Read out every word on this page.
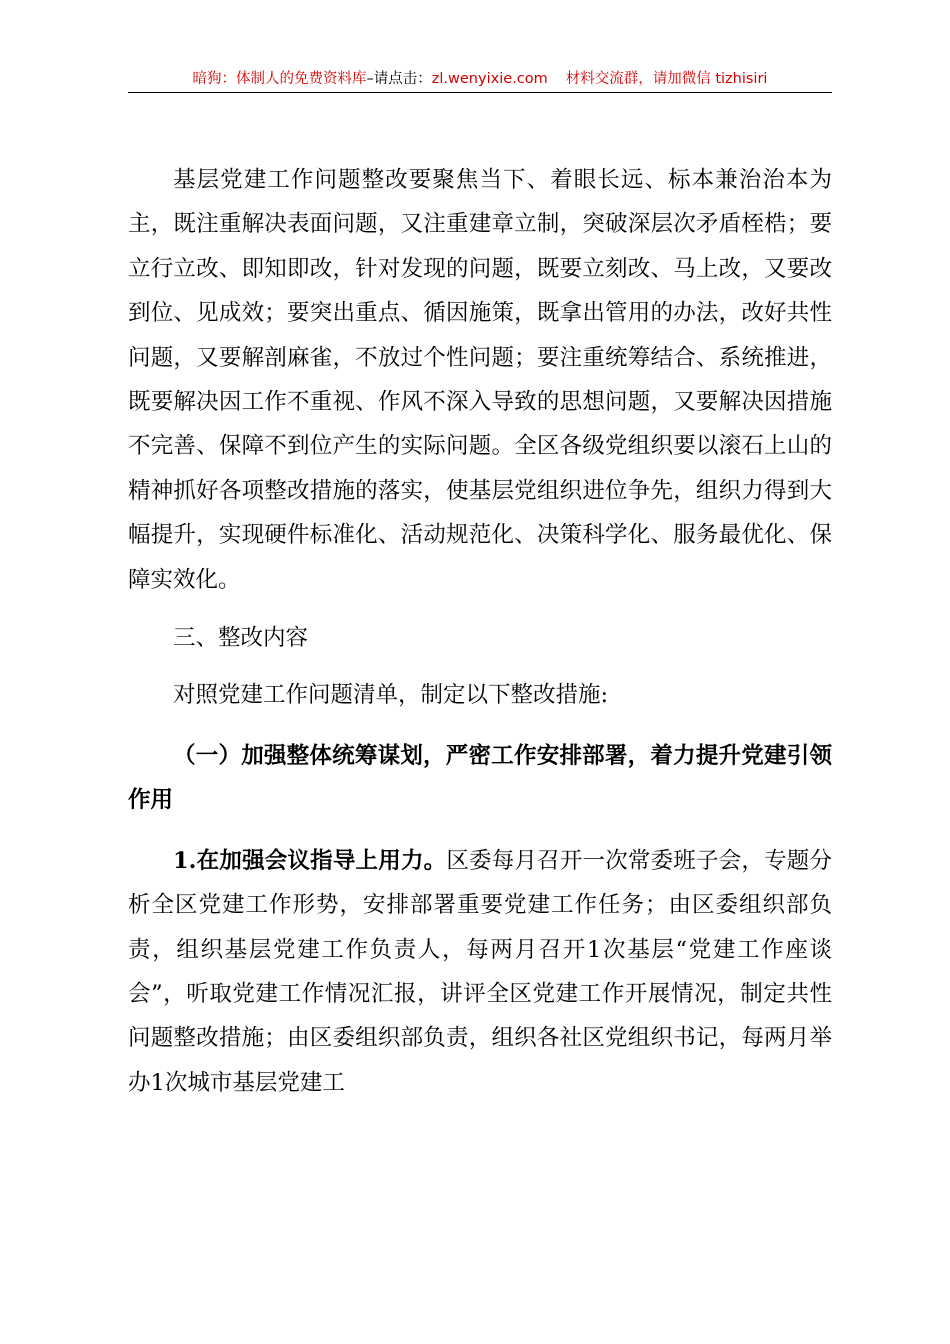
暗狗：体制人的免费资料库–请点击：zl.wenyixie.com 材料交流群，请加微信 tizhisiri

基层党建工作问题整改要聚焦当下、着眼长远、标本兼治治本为主，既注重解决表面问题，又注重建章立制，突破深层次矛盾桎梏；要立行立改、即知即改，针对发现的问题，既要立刻改、马上改，又要改到位、见成效；要突出重点、循因施策，既拿出管用的办法，改好共性问题，又要解剖麻雀，不放过个性问题；要注重统筹结合、系统推进，既要解决因工作不重视、作风不深入导致的思想问题，又要解决因措施不完善、保障不到位产生的实际问题。全区各级党组织要以滚石上山的精神抓好各项整改措施的落实，使基层党组织进位争先，组织力得到大幅提升，实现硬件标准化、活动规范化、决策科学化、服务最优化、保障实效化。

三、整改内容

对照党建工作问题清单，制定以下整改措施:

（一）加强整体统筹谋划，严密工作安排部署，着力提升党建引领作用

1.在加强会议指导上用力。区委每月召开一次常委班子会，专题分析全区党建工作形势，安排部署重要党建工作任务；由区委组织部负责，组织基层党建工作负责人，每两月召开1次基层“党建工作座谈会”，听取党建工作情况汇报，讲评全区党建工作开展情况，制定共性问题整改措施；由区委组织部负责，组织各社区党组织书记，每两月举办1次城市基层党建工
